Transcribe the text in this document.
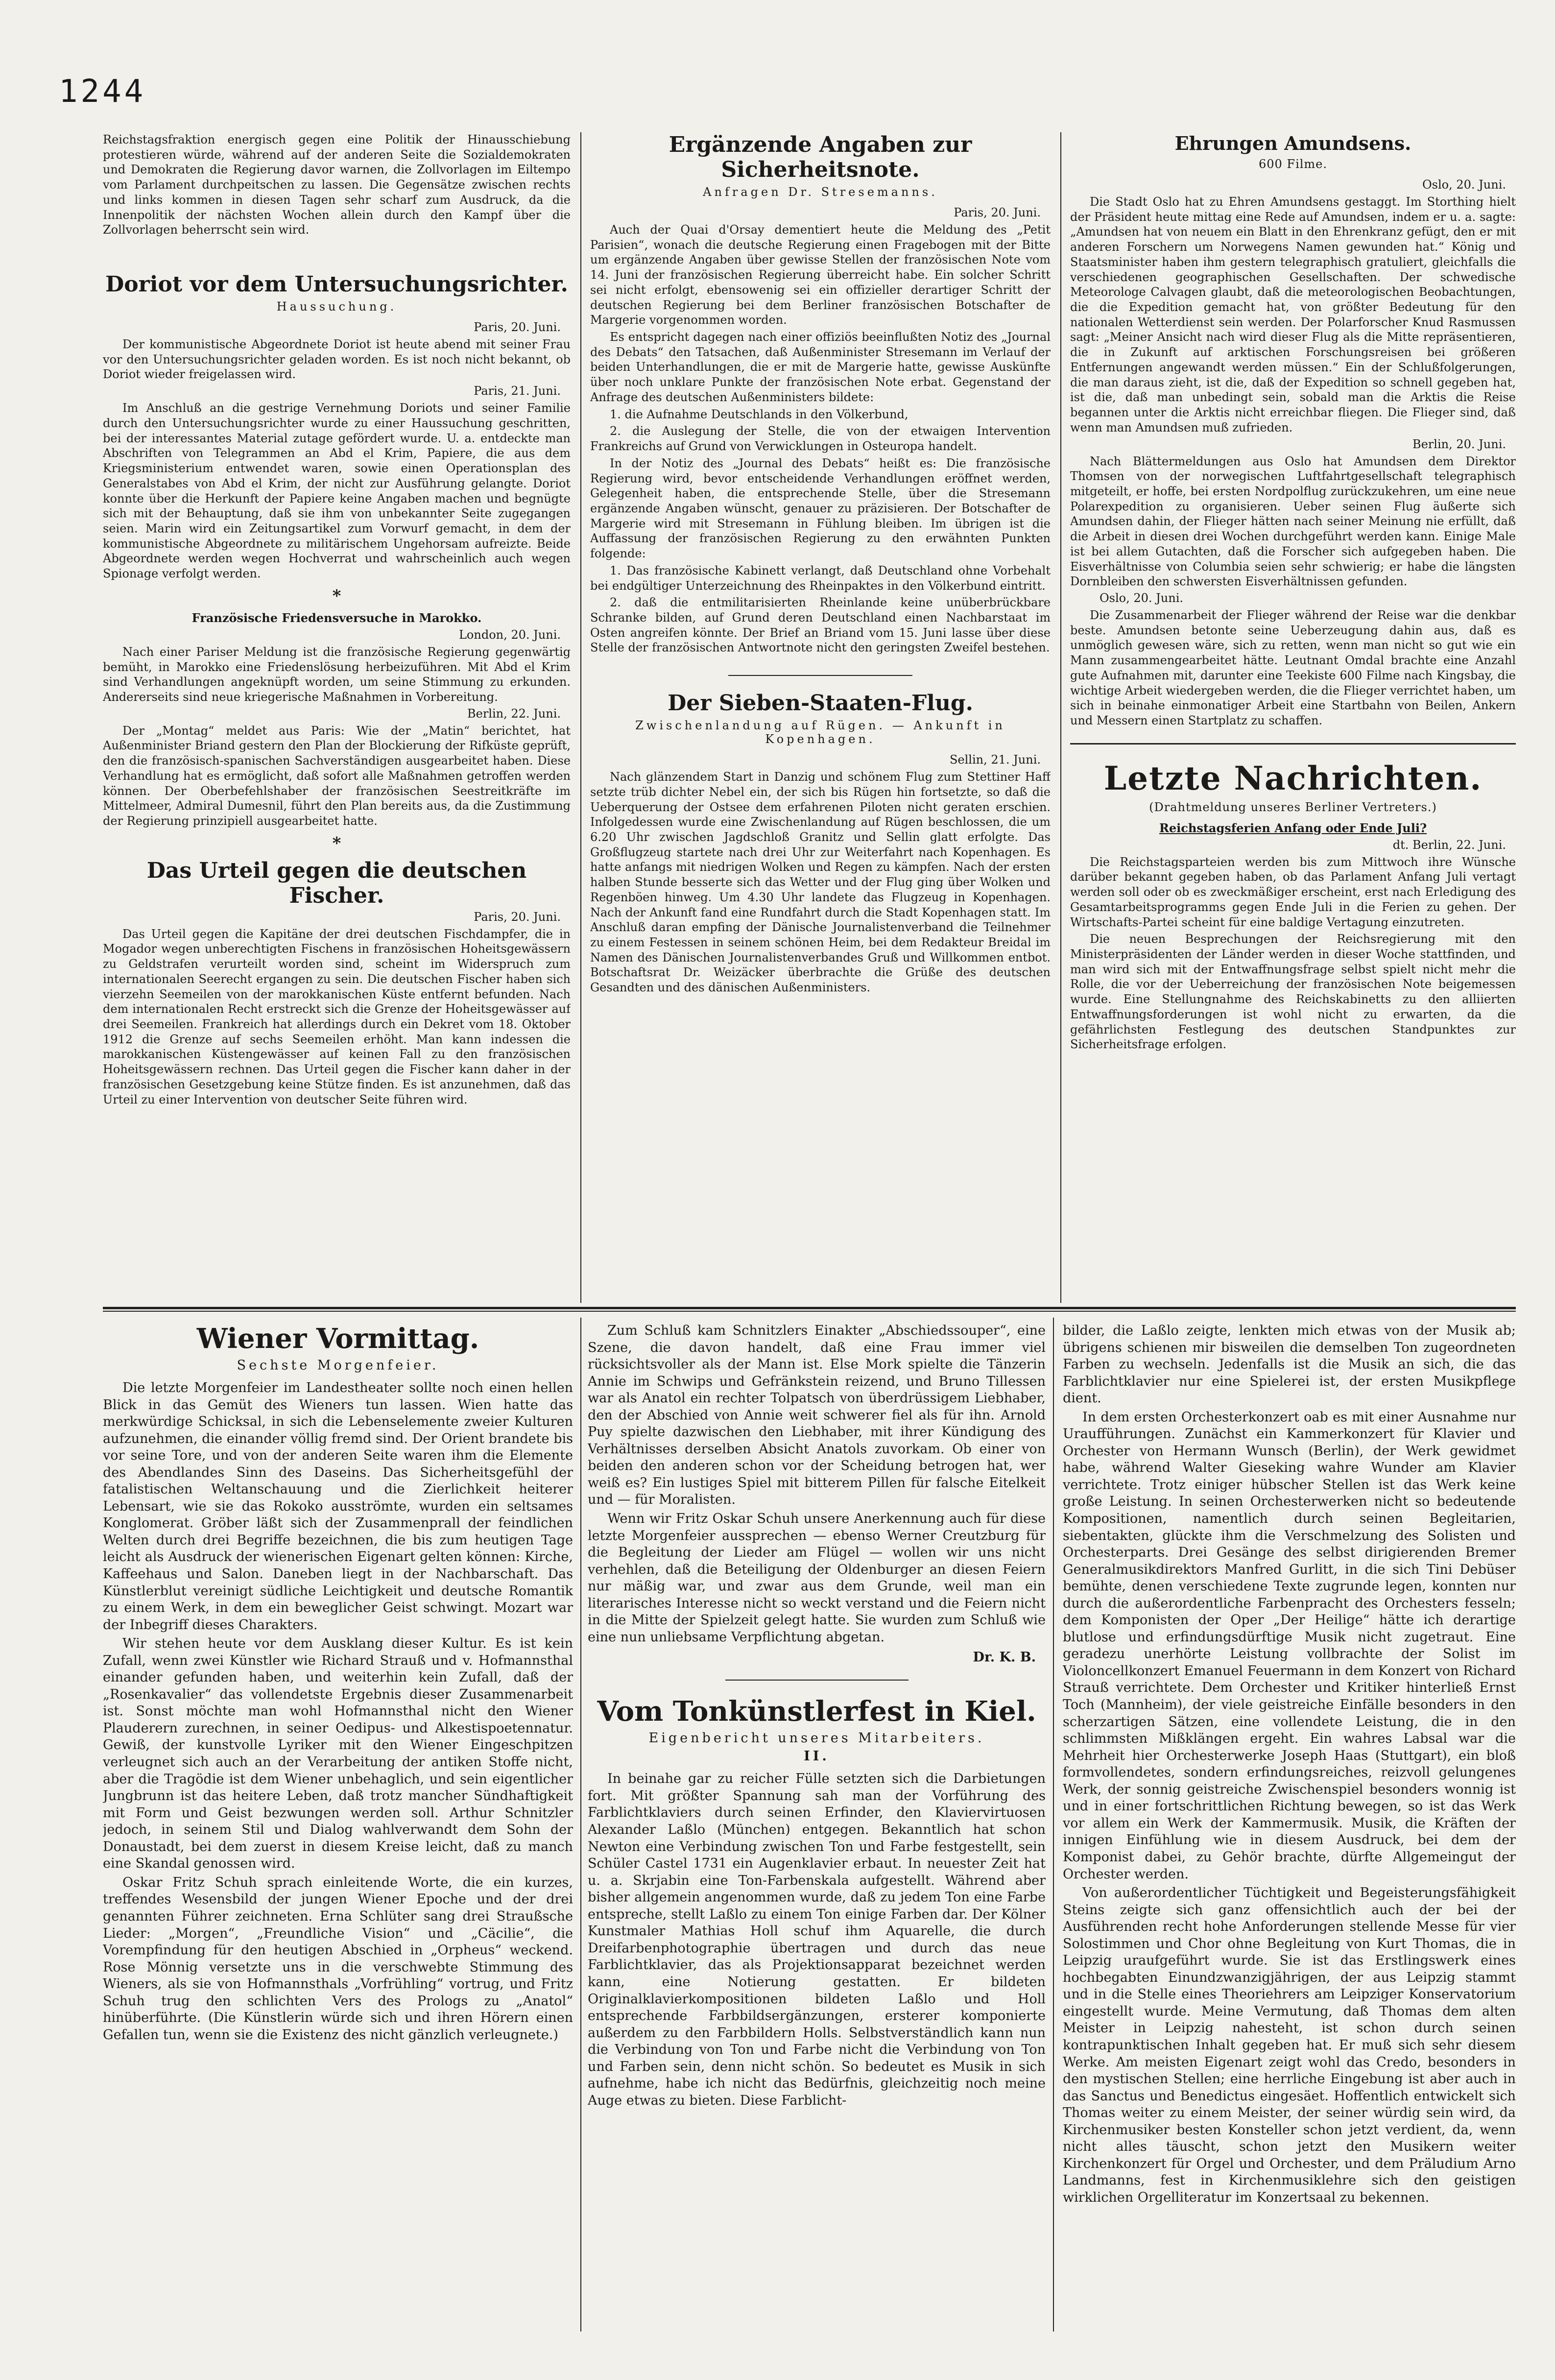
1244

Reichstagsfraktion energisch gegen eine Politik der Hinausschiebung protestieren würde, während auf der anderen Seite die Sozialdemokraten und Demokraten die Regierung davor warnen, die Zollvorlagen im Eiltempo vom Parlament durchpeitschen zu lassen. Die Gegensätze zwischen rechts und links kommen in diesen Tagen sehr scharf zum Ausdruck, da die Innenpolitik der nächsten Wochen allein durch den Kampf über die Zollvorlagen beherrscht sein wird.

Doriot vor dem Untersuchungsrichter.
Haussuchung.
Paris, 20. Juni.

Der kommunistische Abgeordnete Doriot ist heute abend mit seiner Frau vor den Untersuchungsrichter geladen worden. Es ist noch nicht bekannt, ob Doriot wieder freigelassen wird.

Paris, 21. Juni.

Im Anschluß an die gestrige Vernehmung Doriots und seiner Familie durch den Untersuchungsrichter wurde zu einer Haussuchung geschritten, bei der interessantes Material zutage gefördert wurde. U. a. entdeckte man Abschriften von Telegrammen an Abd el Krim, Papiere, die aus dem Kriegsministerium entwendet waren, sowie einen Operationsplan des Generalstabes von Abd el Krim, der nicht zur Ausführung gelangte. Doriot konnte über die Herkunft der Papiere keine Angaben machen und begnügte sich mit der Behauptung, daß sie ihm von unbekannter Seite zugegangen seien. Marin wird ein Zeitungsartikel zum Vorwurf gemacht, in dem der kommunistische Abgeordnete zu militärischem Ungehorsam aufreizte. Beide Abgeordnete werden wegen Hochverrat und wahrscheinlich auch wegen Spionage verfolgt werden.

*
Französische Friedensversuche in Marokko.
London, 20. Juni.

Nach einer Pariser Meldung ist die französische Regierung gegenwärtig bemüht, in Marokko eine Friedenslösung herbeizuführen. Mit Abd el Krim sind Verhandlungen angeknüpft worden, um seine Stimmung zu erkunden. Andererseits sind neue kriegerische Maßnahmen in Vorbereitung.

Berlin, 22. Juni.

Der „Montag“ meldet aus Paris: Wie der „Matin“ berichtet, hat Außenminister Briand gestern den Plan der Blockierung der Rifküste geprüft, den die französisch-spanischen Sachverständigen ausgearbeitet haben. Diese Verhandlung hat es ermöglicht, daß sofort alle Maßnahmen getroffen werden können. Der Oberbefehlshaber der französischen Seestreitkräfte im Mittelmeer, Admiral Dumesnil, führt den Plan bereits aus, da die Zustimmung der Regierung prinzipiell ausgearbeitet hatte.

*
Das Urteil gegen die deutschen Fischer.
Paris, 20. Juni.

Das Urteil gegen die Kapitäne der drei deutschen Fischdampfer, die in Mogador wegen unberechtigten Fischens in französischen Hoheitsgewässern zu Geldstrafen verurteilt worden sind, scheint im Widerspruch zum internationalen Seerecht ergangen zu sein. Die deutschen Fischer haben sich vierzehn Seemeilen von der marokkanischen Küste entfernt befunden. Nach dem internationalen Recht erstreckt sich die Grenze der Hoheitsgewässer auf drei Seemeilen. Frankreich hat allerdings durch ein Dekret vom 18. Oktober 1912 die Grenze auf sechs Seemeilen erhöht. Man kann indessen die marokkanischen Küstengewässer auf keinen Fall zu den französischen Hoheitsgewässern rechnen. Das Urteil gegen die Fischer kann daher in der französischen Gesetzgebung keine Stütze finden. Es ist anzunehmen, daß das Urteil zu einer Intervention von deutscher Seite führen wird.

Ergänzende Angaben zur Sicherheitsnote.
Anfragen Dr. Stresemanns.
Paris, 20. Juni.

Auch der Quai d'Orsay dementiert heute die Meldung des „Petit Parisien“, wonach die deutsche Regierung einen Fragebogen mit der Bitte um ergänzende Angaben über gewisse Stellen der französischen Note vom 14. Juni der französischen Regierung überreicht habe. Ein solcher Schritt sei nicht erfolgt, ebensowenig sei ein offizieller derartiger Schritt der deutschen Regierung bei dem Berliner französischen Botschafter de Margerie vorgenommen worden.

Es entspricht dagegen nach einer offiziös beeinflußten Notiz des „Journal des Debats“ den Tatsachen, daß Außenminister Stresemann im Verlauf der beiden Unterhandlungen, die er mit de Margerie hatte, gewisse Auskünfte über noch unklare Punkte der französischen Note erbat. Gegenstand der Anfrage des deutschen Außenministers bildete:

1. die Aufnahme Deutschlands in den Völkerbund,

2. die Auslegung der Stelle, die von der etwaigen Intervention Frankreichs auf Grund von Verwicklungen in Osteuropa handelt.

In der Notiz des „Journal des Debats“ heißt es: Die französische Regierung wird, bevor entscheidende Verhandlungen eröffnet werden, Gelegenheit haben, die entsprechende Stelle, über die Stresemann ergänzende Angaben wünscht, genauer zu präzisieren. Der Botschafter de Margerie wird mit Stresemann in Fühlung bleiben. Im übrigen ist die Auffassung der französischen Regierung zu den erwähnten Punkten folgende:

1. Das französische Kabinett verlangt, daß Deutschland ohne Vorbehalt bei endgültiger Unterzeichnung des Rheinpaktes in den Völkerbund eintritt.

2. daß die entmilitarisierten Rheinlande keine unüberbrückbare Schranke bilden, auf Grund deren Deutschland einen Nachbarstaat im Osten angreifen könnte. Der Brief an Briand vom 15. Juni lasse über diese Stelle der französischen Antwortnote nicht den geringsten Zweifel bestehen.

Der Sieben-Staaten-Flug.
Zwischenlandung auf Rügen. — Ankunft in Kopenhagen.
Sellin, 21. Juni.

Nach glänzendem Start in Danzig und schönem Flug zum Stettiner Haff setzte trüb dichter Nebel ein, der sich bis Rügen hin fortsetzte, so daß die Ueberquerung der Ostsee dem erfahrenen Piloten nicht geraten erschien. Infolgedessen wurde eine Zwischenlandung auf Rügen beschlossen, die um 6.20 Uhr zwischen Jagdschloß Granitz und Sellin glatt erfolgte. Das Großflugzeug startete nach drei Uhr zur Weiterfahrt nach Kopenhagen. Es hatte anfangs mit niedrigen Wolken und Regen zu kämpfen. Nach der ersten halben Stunde besserte sich das Wetter und der Flug ging über Wolken und Regenböen hinweg. Um 4.30 Uhr landete das Flugzeug in Kopenhagen. Nach der Ankunft fand eine Rundfahrt durch die Stadt Kopenhagen statt. Im Anschluß daran empfing der Dänische Journalistenverband die Teilnehmer zu einem Festessen in seinem schönen Heim, bei dem Redakteur Breidal im Namen des Dänischen Journalistenverbandes Gruß und Willkommen entbot. Botschaftsrat Dr. Weizäcker überbrachte die Grüße des deutschen Gesandten und des dänischen Außenministers.

Ehrungen Amundsens.
600 Filme.
Oslo, 20. Juni.

Die Stadt Oslo hat zu Ehren Amundsens gestaggt. Im Storthing hielt der Präsident heute mittag eine Rede auf Amundsen, indem er u. a. sagte: „Amundsen hat von neuem ein Blatt in den Ehrenkranz gefügt, den er mit anderen Forschern um Norwegens Namen gewunden hat.“ König und Staatsminister haben ihm gestern telegraphisch gratuliert, gleichfalls die verschiedenen geographischen Gesellschaften. Der schwedische Meteorologe Calvagen glaubt, daß die meteorologischen Beobachtungen, die die Expedition gemacht hat, von größter Bedeutung für den nationalen Wetterdienst sein werden. Der Polarforscher Knud Rasmussen sagt: „Meiner Ansicht nach wird dieser Flug als die Mitte repräsentieren, die in Zukunft auf arktischen Forschungsreisen bei größeren Entfernungen angewandt werden müssen.“ Ein der Schlußfolgerungen, die man daraus zieht, ist die, daß der Expedition so schnell gegeben hat, ist die, daß man unbedingt sein, sobald man die Arktis die Reise begannen unter die Arktis nicht erreichbar fliegen. Die Flieger sind, daß wenn man Amundsen muß zufrieden.

Berlin, 20. Juni.

Nach Blättermeldungen aus Oslo hat Amundsen dem Direktor Thomsen von der norwegischen Luftfahrtgesellschaft telegraphisch mitgeteilt, er hoffe, bei ersten Nordpolflug zurückzukehren, um eine neue Polarexpedition zu organisieren. Ueber seinen Flug äußerte sich Amundsen dahin, der Flieger hätten nach seiner Meinung nie erfüllt, daß die Arbeit in diesen drei Wochen durchgeführt werden kann. Einige Male ist bei allem Gutachten, daß die Forscher sich aufgegeben haben. Die Eisverhältnisse von Columbia seien sehr schwierig; er habe die längsten Dornbleiben den schwersten Eisverhältnissen gefunden.

Oslo, 20. Juni.

Die Zusammenarbeit der Flieger während der Reise war die denkbar beste. Amundsen betonte seine Ueberzeugung dahin aus, daß es unmöglich gewesen wäre, sich zu retten, wenn man nicht so gut wie ein Mann zusammengearbeitet hätte. Leutnant Omdal brachte eine Anzahl gute Aufnahmen mit, darunter eine Teekiste 600 Filme nach Kingsbay, die wichtige Arbeit wiedergeben werden, die die Flieger verrichtet haben, um sich in beinahe einmonatiger Arbeit eine Startbahn von Beilen, Ankern und Messern einen Startplatz zu schaffen.

Letzte Nachrichten.
(Drahtmeldung unseres Berliner Vertreters.)
Reichstagsferien Anfang oder Ende Juli?
dt. Berlin, 22. Juni.

Die Reichstagsparteien werden bis zum Mittwoch ihre Wünsche darüber bekannt gegeben haben, ob das Parlament Anfang Juli vertagt werden soll oder ob es zweckmäßiger erscheint, erst nach Erledigung des Gesamtarbeitsprogramms gegen Ende Juli in die Ferien zu gehen. Der Wirtschafts-Partei scheint für eine baldige Vertagung einzutreten.

Die neuen Besprechungen der Reichsregierung mit den Ministerpräsidenten der Länder werden in dieser Woche stattfinden, und man wird sich mit der Entwaffnungsfrage selbst spielt nicht mehr die Rolle, die vor der Ueberreichung der französischen Note beigemessen wurde. Eine Stellungnahme des Reichskabinetts zu den alliierten Entwaffnungsforderungen ist wohl nicht zu erwarten, da die gefährlichsten Festlegung des deutschen Standpunktes zur Sicherheitsfrage erfolgen.

Wiener Vormittag.
Sechste Morgenfeier.

Die letzte Morgenfeier im Landestheater sollte noch einen hellen Blick in das Gemüt des Wieners tun lassen. Wien hatte das merkwürdige Schicksal, in sich die Lebenselemente zweier Kulturen aufzunehmen, die einander völlig fremd sind. Der Orient brandete bis vor seine Tore, und von der anderen Seite waren ihm die Elemente des Abendlandes Sinn des Daseins. Das Sicherheitsgefühl der fatalistischen Weltanschauung und die Zierlichkeit heiterer Lebensart, wie sie das Rokoko ausströmte, wurden ein seltsames Konglomerat. Gröber läßt sich der Zusammenprall der feindlichen Welten durch drei Begriffe bezeichnen, die bis zum heutigen Tage leicht als Ausdruck der wienerischen Eigenart gelten können: Kirche, Kaffeehaus und Salon. Daneben liegt in der Nachbarschaft. Das Künstlerblut vereinigt südliche Leichtigkeit und deutsche Romantik zu einem Werk, in dem ein beweglicher Geist schwingt. Mozart war der Inbegriff dieses Charakters.

Wir stehen heute vor dem Ausklang dieser Kultur. Es ist kein Zufall, wenn zwei Künstler wie Richard Strauß und v. Hofmannsthal einander gefunden haben, und weiterhin kein Zufall, daß der „Rosenkavalier“ das vollendetste Ergebnis dieser Zusammenarbeit ist. Sonst möchte man wohl Hofmannsthal nicht den Wiener Plauderern zurechnen, in seiner Oedipus- und Alkestispoetennatur. Gewiß, der kunstvolle Lyriker mit den Wiener Eingeschpitzen verleugnet sich auch an der Verarbeitung der antiken Stoffe nicht, aber die Tragödie ist dem Wiener unbehaglich, und sein eigentlicher Jungbrunn ist das heitere Leben, daß trotz mancher Sündhaftigkeit mit Form und Geist bezwungen werden soll. Arthur Schnitzler jedoch, in seinem Stil und Dialog wahlverwandt dem Sohn der Donaustadt, bei dem zuerst in diesem Kreise leicht, daß zu manch eine Skandal genossen wird.

Oskar Fritz Schuh sprach einleitende Worte, die ein kurzes, treffendes Wesensbild der jungen Wiener Epoche und der drei genannten Führer zeichneten. Erna Schlüter sang drei Straußsche Lieder: „Morgen“, „Freundliche Vision“ und „Cäcilie“, die Vorempfindung für den heutigen Abschied in „Orpheus“ weckend. Rose Mönnig versetzte uns in die verschwebte Stimmung des Wieners, als sie von Hofmannsthals „Vorfrühling“ vortrug, und Fritz Schuh trug den schlichten Vers des Prologs zu „Anatol“ hinüberführte. (Die Künstlerin würde sich und ihren Hörern einen Gefallen tun, wenn sie die Existenz des nicht gänzlich verleugnete.)

Zum Schluß kam Schnitzlers Einakter „Abschiedssouper“, eine Szene, die davon handelt, daß eine Frau immer viel rücksichtsvoller als der Mann ist. Else Mork spielte die Tänzerin Annie im Schwips und Gefränkstein reizend, und Bruno Tillessen war als Anatol ein rechter Tolpatsch von überdrüssigem Liebhaber, den der Abschied von Annie weit schwerer fiel als für ihn. Arnold Puy spielte dazwischen den Liebhaber, mit ihrer Kündigung des Verhältnisses derselben Absicht Anatols zuvorkam. Ob einer von beiden den anderen schon vor der Scheidung betrogen hat, wer weiß es? Ein lustiges Spiel mit bitterem Pillen für falsche Eitelkeit und — für Moralisten.

Wenn wir Fritz Oskar Schuh unsere Anerkennung auch für diese letzte Morgenfeier aussprechen — ebenso Werner Creutzburg für die Begleitung der Lieder am Flügel — wollen wir uns nicht verhehlen, daß die Beteiligung der Oldenburger an diesen Feiern nur mäßig war, und zwar aus dem Grunde, weil man ein literarisches Interesse nicht so weckt verstand und die Feiern nicht in die Mitte der Spielzeit gelegt hatte. Sie wurden zum Schluß wie eine nun unliebsame Verpflichtung abgetan.

Dr. K. B.
Vom Tonkünstlerfest in Kiel.
Eigenbericht unseres Mitarbeiters.
II.

In beinahe gar zu reicher Fülle setzten sich die Darbietungen fort. Mit größter Spannung sah man der Vorführung des Farblichtklaviers durch seinen Erfinder, den Klaviervirtuosen Alexander Laßlo (München) entgegen. Bekanntlich hat schon Newton eine Verbindung zwischen Ton und Farbe festgestellt, sein Schüler Castel 1731 ein Augenklavier erbaut. In neuester Zeit hat u. a. Skrjabin eine Ton-Farbenskala aufgestellt. Während aber bisher allgemein angenommen wurde, daß zu jedem Ton eine Farbe entspreche, stellt Laßlo zu einem Ton einige Farben dar. Der Kölner Kunstmaler Mathias Holl schuf ihm Aquarelle, die durch Dreifarbenphotographie übertragen und durch das neue Farblichtklavier, das als Projektionsapparat bezeichnet werden kann, eine Notierung gestatten. Er bildeten Originalklavierkompositionen bildeten Laßlo und Holl entsprechende Farbbildsergänzungen, ersterer komponierte außerdem zu den Farbbildern Holls. Selbstverständlich kann nun die Verbindung von Ton und Farbe nicht die Verbindung von Ton und Farben sein, denn nicht schön. So bedeutet es Musik in sich aufnehme, habe ich nicht das Bedürfnis, gleichzeitig noch meine Auge etwas zu bieten. Diese Farblicht-

bilder, die Laßlo zeigte, lenkten mich etwas von der Musik ab; übrigens schienen mir bisweilen die demselben Ton zugeordneten Farben zu wechseln. Jedenfalls ist die Musik an sich, die das Farblichtklavier nur eine Spielerei ist, der ersten Musikpflege dient.

In dem ersten Orchesterkonzert oab es mit einer Ausnahme nur Uraufführungen. Zunächst ein Kammerkonzert für Klavier und Orchester von Hermann Wunsch (Berlin), der Werk gewidmet habe, während Walter Gieseking wahre Wunder am Klavier verrichtete. Trotz einiger hübscher Stellen ist das Werk keine große Leistung. In seinen Orchesterwerken nicht so bedeutende Kompositionen, namentlich durch seinen Begleitarien, siebentakten, glückte ihm die Verschmelzung des Solisten und Orchesterparts. Drei Gesänge des selbst dirigierenden Bremer Generalmusikdirektors Manfred Gurlitt, in die sich Tini Debüser bemühte, denen verschiedene Texte zugrunde legen, konnten nur durch die außerordentliche Farbenpracht des Orchesters fesseln; dem Komponisten der Oper „Der Heilige“ hätte ich derartige blutlose und erfindungsdürftige Musik nicht zugetraut. Eine geradezu unerhörte Leistung vollbrachte der Solist im Violoncellkonzert Emanuel Feuermann in dem Konzert von Richard Strauß verrichtete. Dem Orchester und Kritiker hinterließ Ernst Toch (Mannheim), der viele geistreiche Einfälle besonders in den scherzartigen Sätzen, eine vollendete Leistung, die in den schlimmsten Mißklängen ergeht. Ein wahres Labsal war die Mehrheit hier Orchesterwerke Joseph Haas (Stuttgart), ein bloß formvollendetes, sondern erfindungsreiches, reizvoll gelungenes Werk, der sonnig geistreiche Zwischenspiel besonders wonnig ist und in einer fortschrittlichen Richtung bewegen, so ist das Werk vor allem ein Werk der Kammermusik. Musik, die Kräften der innigen Einfühlung wie in diesem Ausdruck, bei dem der Komponist dabei, zu Gehör brachte, dürfte Allgemeingut der Orchester werden.

Von außerordentlicher Tüchtigkeit und Begeisterungsfähigkeit Steins zeigte sich ganz offensichtlich auch der bei der Ausführenden recht hohe Anforderungen stellende Messe für vier Solostimmen und Chor ohne Begleitung von Kurt Thomas, die in Leipzig uraufgeführt wurde. Sie ist das Erstlingswerk eines hochbegabten Einundzwanzigjährigen, der aus Leipzig stammt und in die Stelle eines Theoriehrers am Leipziger Konservatorium eingestellt wurde. Meine Vermutung, daß Thomas dem alten Meister in Leipzig nahesteht, ist schon durch seinen kontrapunktischen Inhalt gegeben hat. Er muß sich sehr diesem Werke. Am meisten Eigenart zeigt wohl das Credo, besonders in den mystischen Stellen; eine herrliche Eingebung ist aber auch in das Sanctus und Benedictus eingesäet. Hoffentlich entwickelt sich Thomas weiter zu einem Meister, der seiner würdig sein wird, da Kirchenmusiker besten Konsteller schon jetzt verdient, da, wenn nicht alles täuscht, schon jetzt den Musikern weiter Kirchenkonzert für Orgel und Orchester, und dem Präludium Arno Landmanns, fest in Kirchenmusiklehre sich den geistigen wirklichen Orgelliteratur im Konzertsaal zu bekennen.
